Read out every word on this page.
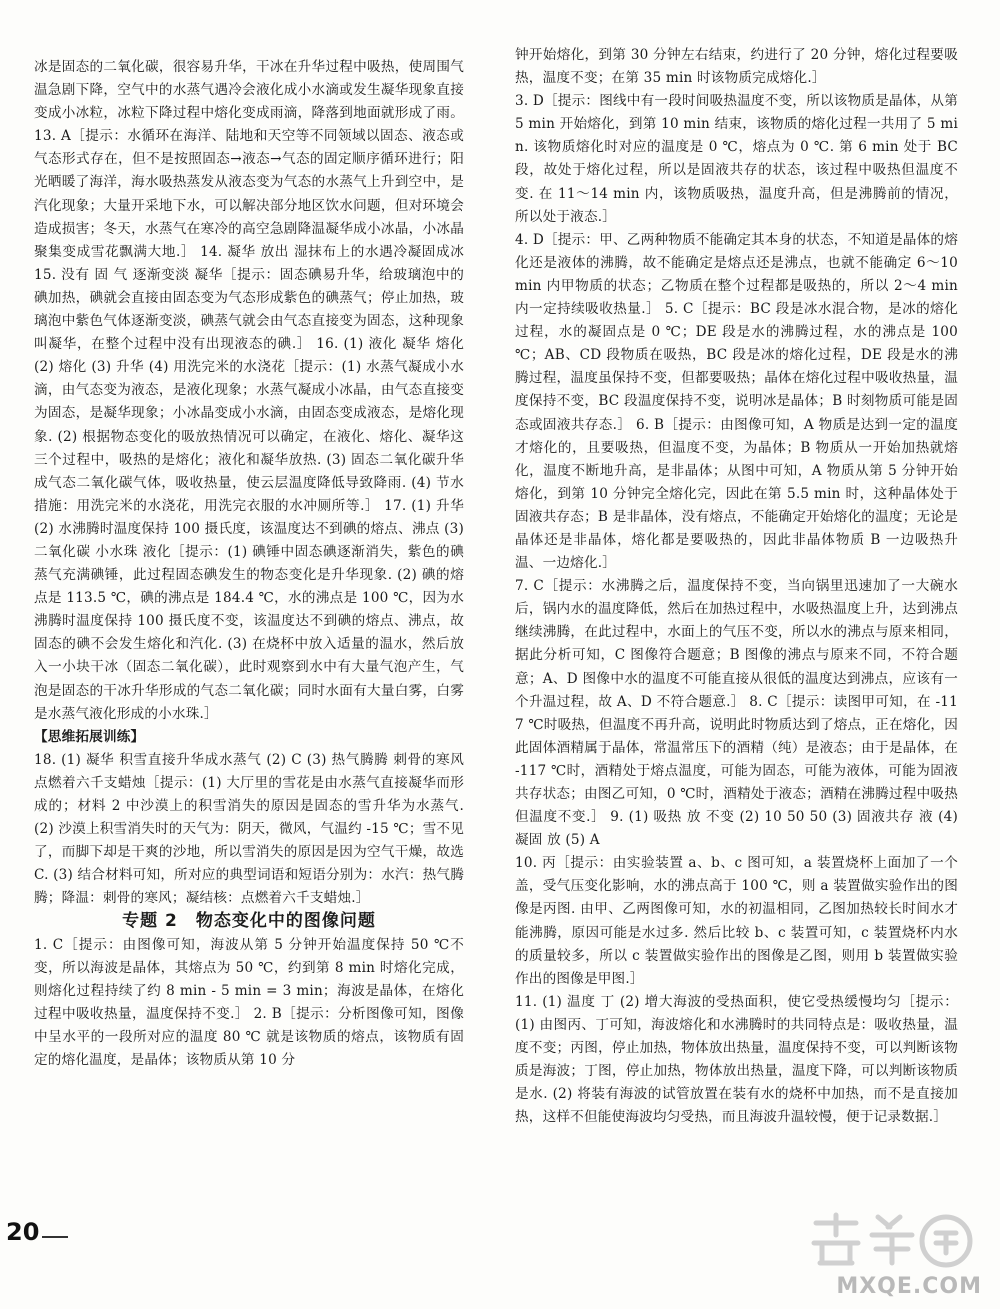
冰是固态的二氧化碳，很容易升华，干冰在升华过程中吸热，使周围气温急剧下降，空气中的水蒸气遇冷会液化成小水滴或发生凝华现象直接变成小冰粒，冰粒下降过程中熔化变成雨滴，降落到地面就形成了雨。 13. A［提示：水循环在海洋、陆地和天空等不同领域以固态、液态或气态形式存在，但不是按照固态→液态→气态的固定顺序循环进行；阳光晒暖了海洋，海水吸热蒸发从液态变为气态的水蒸气上升到空中，是汽化现象；大量开采地下水，可以解决部分地区饮水问题，但对环境会造成损害；冬天，水蒸气在寒冷的高空急剧降温凝华成小冰晶，小冰晶聚集变成雪花飘满大地.］ 14. 凝华 放出 湿抹布上的水遇冷凝固成冰 15. 没有 固 气 逐渐变淡 凝华［提示：固态碘易升华，给玻璃泡中的碘加热，碘就会直接由固态变为气态形成紫色的碘蒸气；停止加热，玻璃泡中紫色气体逐渐变淡，碘蒸气就会由气态直接变为固态，这种现象叫凝华，在整个过程中没有出现液态的碘.］ 16. (1) 液化 凝华 熔化 (2) 熔化 (3) 升华 (4) 用洗完米的水浇花［提示：(1) 水蒸气凝成小水滴，由气态变为液态，是液化现象；水蒸气凝成小冰晶，由气态直接变为固态，是凝华现象；小冰晶变成小水滴，由固态变成液态，是熔化现象. (2) 根据物态变化的吸放热情况可以确定，在液化、熔化、凝华这三个过程中，吸热的是熔化；液化和凝华放热. (3) 固态二氧化碳升华成气态二氧化碳气体，吸收热量，使云层温度降低导致降雨. (4) 节水措施：用洗完米的水浇花，用洗完衣服的水冲厕所等.］ 17. (1) 升华 (2) 水沸腾时温度保持 100 摄氏度，该温度达不到碘的熔点、沸点 (3) 二氧化碳 小水珠 液化［提示：(1) 碘锤中固态碘逐渐消失，紫色的碘蒸气充满碘锤，此过程固态碘发生的物态变化是升华现象. (2) 碘的熔点是 113.5 ℃，碘的沸点是 184.4 ℃，水的沸点是 100 ℃，因为水沸腾时温度保持 100 摄氏度不变，该温度达不到碘的熔点、沸点，故固态的碘不会发生熔化和汽化. (3) 在烧杯中放入适量的温水，然后放入一小块干冰（固态二氧化碳），此时观察到水中有大量气泡产生，气泡是固态的干冰升华形成的气态二氧化碳；同时水面有大量白雾，白雾是水蒸气液化形成的小水珠.］

【思维拓展训练】

18. (1) 凝华 积雪直接升华成水蒸气 (2) C (3) 热气腾腾 刺骨的寒风 点燃着六千支蜡烛［提示：(1) 大厅里的雪花是由水蒸气直接凝华而形成的；材料 2 中沙漠上的积雪消失的原因是固态的雪升华为水蒸气. (2) 沙漠上积雪消失时的天气为：阴天，微风，气温约 -15 ℃；雪不见了，而脚下却是干爽的沙地，所以雪消失的原因是因为空气干燥，故选 C. (3) 结合材料可知，所对应的典型词语和短语分别为：水汽：热气腾腾；降温：刺骨的寒风；凝结核：点燃着六千支蜡烛.］

专题 2　物态变化中的图像问题

1. C［提示：由图像可知，海波从第 5 分钟开始温度保持 50 ℃不变，所以海波是晶体，其熔点为 50 ℃，约到第 8 min 时熔化完成，则熔化过程持续了约 8 min - 5 min = 3 min；海波是晶体，在熔化过程中吸收热量，温度保持不变.］ 2. B［提示：分析图像可知，图像中呈水平的一段所对应的温度 80 ℃ 就是该物质的熔点，该物质有固定的熔化温度，是晶体；该物质从第 10 分

钟开始熔化，到第 30 分钟左右结束，约进行了 20 分钟，熔化过程要吸热，温度不变；在第 35 min 时该物质完成熔化.］

3. D［提示：图线中有一段时间吸热温度不变，所以该物质是晶体，从第 5 min 开始熔化，到第 10 min 结束，该物质的熔化过程一共用了 5 min. 该物质熔化时对应的温度是 0 ℃，熔点为 0 ℃. 第 6 min 处于 BC 段，故处于熔化过程，所以是固液共存的状态，该过程中吸热但温度不变. 在 11～14 min 内，该物质吸热，温度升高，但是沸腾前的情况，所以处于液态.］

4. D［提示：甲、乙两种物质不能确定其本身的状态，不知道是晶体的熔化还是液体的沸腾，故不能确定是熔点还是沸点，也就不能确定 6～10 min 内甲物质的状态；乙物质在整个过程都是吸热的，所以 2～4 min 内一定持续吸收热量.］ 5. C［提示：BC 段是冰水混合物，是冰的熔化过程，水的凝固点是 0 ℃；DE 段是水的沸腾过程，水的沸点是 100 ℃；AB、CD 段物质在吸热，BC 段是冰的熔化过程，DE 段是水的沸腾过程，温度虽保持不变，但都要吸热；晶体在熔化过程中吸收热量，温度保持不变，BC 段温度保持不变，说明冰是晶体；B 时刻物质可能是固态或固液共存态.］ 6. B［提示：由图像可知，A 物质是达到一定的温度才熔化的，且要吸热，但温度不变，为晶体；B 物质从一开始加热就熔化，温度不断地升高，是非晶体；从图中可知，A 物质从第 5 分钟开始熔化，到第 10 分钟完全熔化完，因此在第 5.5 min 时，这种晶体处于固液共存态；B 是非晶体，没有熔点，不能确定开始熔化的温度；无论是晶体还是非晶体，熔化都是要吸热的，因此非晶体物质 B 一边吸热升温、一边熔化.］

7. C［提示：水沸腾之后，温度保持不变，当向锅里迅速加了一大碗水后，锅内水的温度降低，然后在加热过程中，水吸热温度上升，达到沸点继续沸腾，在此过程中，水面上的气压不变，所以水的沸点与原来相同，据此分析可知，C 图像符合题意；B 图像的沸点与原来不同，不符合题意；A、D 图像中水的温度不可能直接从很低的温度达到沸点，应该有一个升温过程，故 A、D 不符合题意.］ 8. C［提示：读图甲可知，在 -117 ℃时吸热，但温度不再升高，说明此时物质达到了熔点，正在熔化，因此固体酒精属于晶体，常温常压下的酒精（纯）是液态；由于是晶体，在 -117 ℃时，酒精处于熔点温度，可能为固态，可能为液体，可能为固液共存状态；由图乙可知，0 ℃时，酒精处于液态；酒精在沸腾过程中吸热但温度不变.］ 9. (1) 吸热 放 不变 (2) 10 50 50 (3) 固液共存 液 (4) 凝固 放 (5) A

10. 丙［提示：由实验装置 a、b、c 图可知，a 装置烧杯上面加了一个盖，受气压变化影响，水的沸点高于 100 ℃，则 a 装置做实验作出的图像是丙图. 由甲、乙两图像可知，水的初温相同，乙图加热较长时间水才能沸腾，原因可能是水过多. 然后比较 b、c 装置可知，c 装置烧杯内水的质量较多，所以 c 装置做实验作出的图像是乙图，则用 b 装置做实验作出的图像是甲图.］

11. (1) 温度 丁 (2) 增大海波的受热面积，使它受热缓慢均匀［提示：(1) 由图丙、丁可知，海波熔化和水沸腾时的共同特点是：吸收热量，温度不变；丙图，停止加热，物体放出热量，温度保持不变，可以判断该物质是海波；丁图，停止加热，物体放出热量，温度下降，可以判断该物质是水. (2) 将装有海波的试管放置在装有水的烧杯中加热，而不是直接加热，这样不但能使海波均匀受热，而且海波升温较慢，便于记录数据.］

20
MXQE.COM
